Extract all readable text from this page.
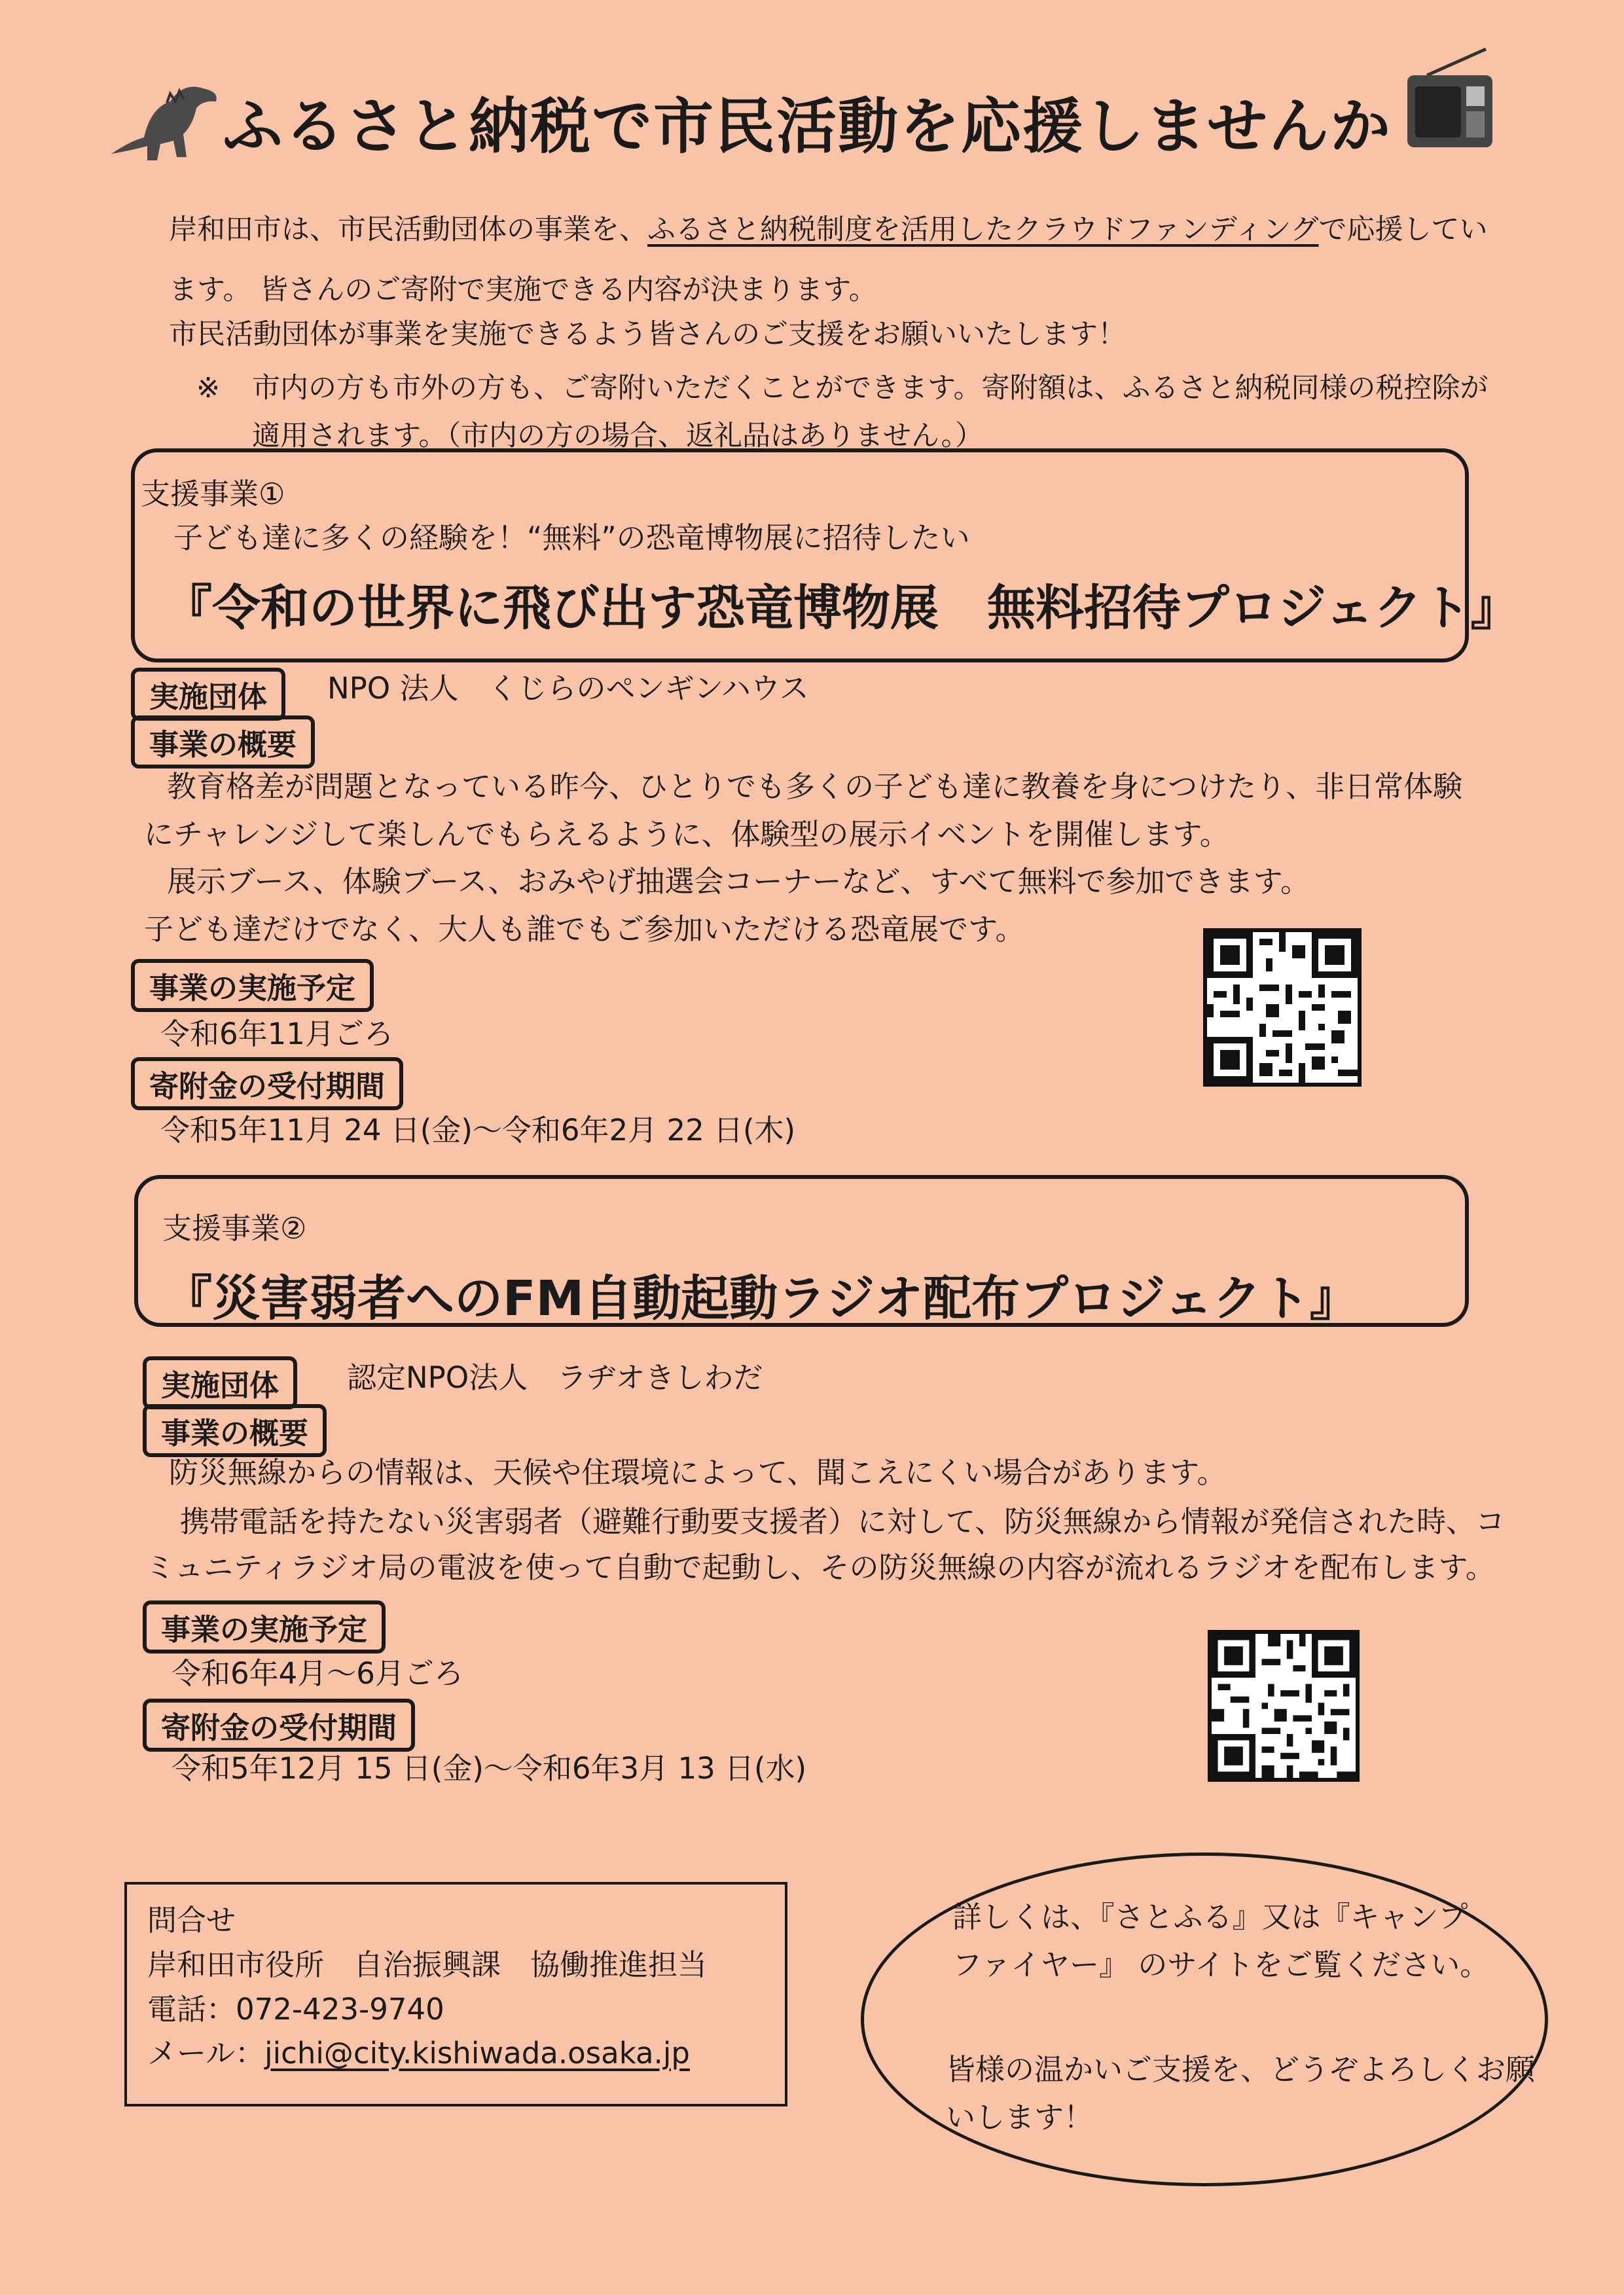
ふるさと納税で市民活動を応援しませんか
岸和田市は、市民活動団体の事業を、ふるさと納税制度を活用したクラウドファンディングで応援してい
ます。 皆さんのご寄附で実施できる内容が決まります。
市民活動団体が事業を実施できるよう皆さんのご支援をお願いいたします！
※ 市内の方も市外の方も、ご寄附いただくことができます。寄附額は、ふるさと納税同様の税控除が
適用されます。（市内の方の場合、返礼品はありません。）
支援事業①
子ども達に多くの経験を！“無料”の恐竜博物展に招待したい
『令和の世界に飛び出す恐竜博物展　無料招待プロジェクト』
実施団体	NPO 法人　くじらのペンギンハウス
事業の概要
教育格差が問題となっている昨今、ひとりでも多くの子ども達に教養を身につけたり、非日常体験
にチャレンジして楽しんでもらえるように、体験型の展示イベントを開催します。
展示ブース、体験ブース、おみやげ抽選会コーナーなど、すべて無料で参加できます。
子ども達だけでなく、大人も誰でもご参加いただける恐竜展です。
事業の実施予定
令和6年11月ごろ
寄附金の受付期間
令和5年11月 24 日(金)～令和6年2月 22 日(木)
支援事業②
『災害弱者へのFM自動起動ラジオ配布プロジェクト』
実施団体	認定NPO法人　ラヂオきしわだ
事業の概要
防災無線からの情報は、天候や住環境によって、聞こえにくい場合があります。
携帯電話を持たない災害弱者（避難行動要支援者）に対して、防災無線から情報が発信された時、コ
ミュニティラジオ局の電波を使って自動で起動し、その防災無線の内容が流れるラジオを配布します。
事業の実施予定
令和6年4月～6月ごろ
寄附金の受付期間
令和5年12月 15 日(金)～令和6年3月 13 日(水)
問合せ
岸和田市役所　自治振興課　協働推進担当
電話：072-423-9740
メール：jichi@city.kishiwada.osaka.jp
詳しくは、『さとふる』又は『キャンプ
ファイヤー』 のサイトをご覧ください。
皆様の温かいご支援を、どうぞよろしくお願
いします！
